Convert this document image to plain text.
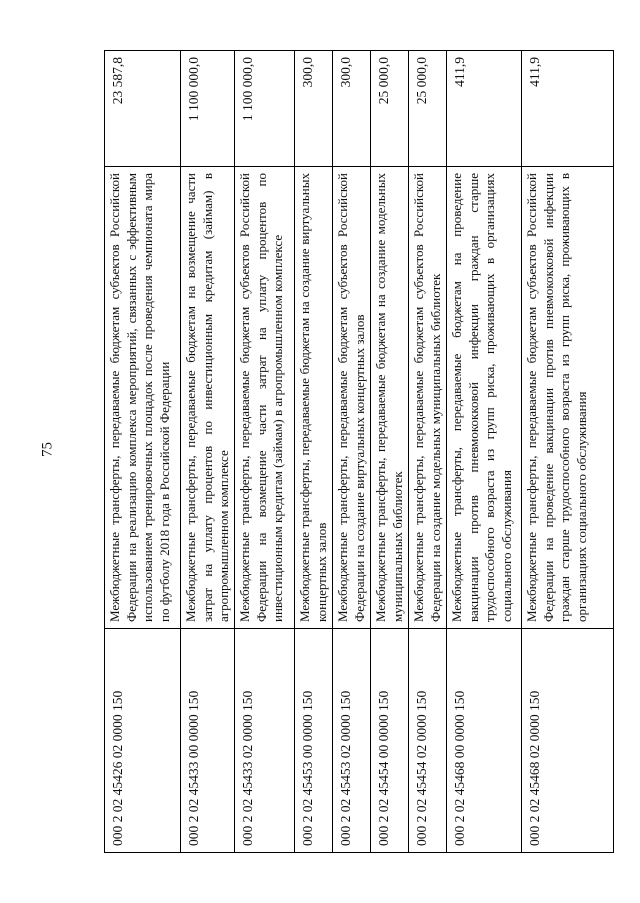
75
23 587,8
Межбюджетные трансферты, передаваемые бюджетам субъектов Российской Федерации на реализацию комплекса мероприятий, связанных с эффективным использованием тренировочных площадок после проведения чемпионата мира по футболу 2018 года в Российской Федерации
000 2 02 45426 02 0000 150
1 100 000,0
Межбюджетные трансферты, передаваемые бюджетам на возмещение части затрат на уплату процентов по инвестиционным кредитам (займам) в агропромышленном комплексе
000 2 02 45433 00 0000 150
1 100 000,0
Межбюджетные трансферты, передаваемые бюджетам субъектов Российской Федерации на возмещение части затрат на уплату процентов по инвестиционным кредитам (займам) в агропромышленном комплексе
000 2 02 45433 02 0000 150
300,0
Межбюджетные трансферты, передаваемые бюджетам на создание виртуальных концертных залов
000 2 02 45453 00 0000 150
300,0
Межбюджетные трансферты, передаваемые бюджетам субъектов Российской Федерации на создание виртуальных концертных залов
000 2 02 45453 02 0000 150
25 000,0
Межбюджетные трансферты, передаваемые бюджетам на создание модельных муниципальных библиотек
000 2 02 45454 00 0000 150
25 000,0
Межбюджетные трансферты, передаваемые бюджетам субъектов Российской Федерации на создание модельных муниципальных библиотек
000 2 02 45454 02 0000 150
411,9
Межбюджетные трансферты, передаваемые бюджетам на проведение вакцинации против пневмококковой инфекции граждан старше трудоспособного возраста из групп риска, проживающих в организациях социального обслуживания
000 2 02 45468 00 0000 150
411,9
Межбюджетные трансферты, передаваемые бюджетам субъектов Российской Федерации на проведение вакцинации против пневмококковой инфекции граждан старше трудоспособного возраста из групп риска, проживающих в организациях социального обслуживания
000 2 02 45468 02 0000 150
